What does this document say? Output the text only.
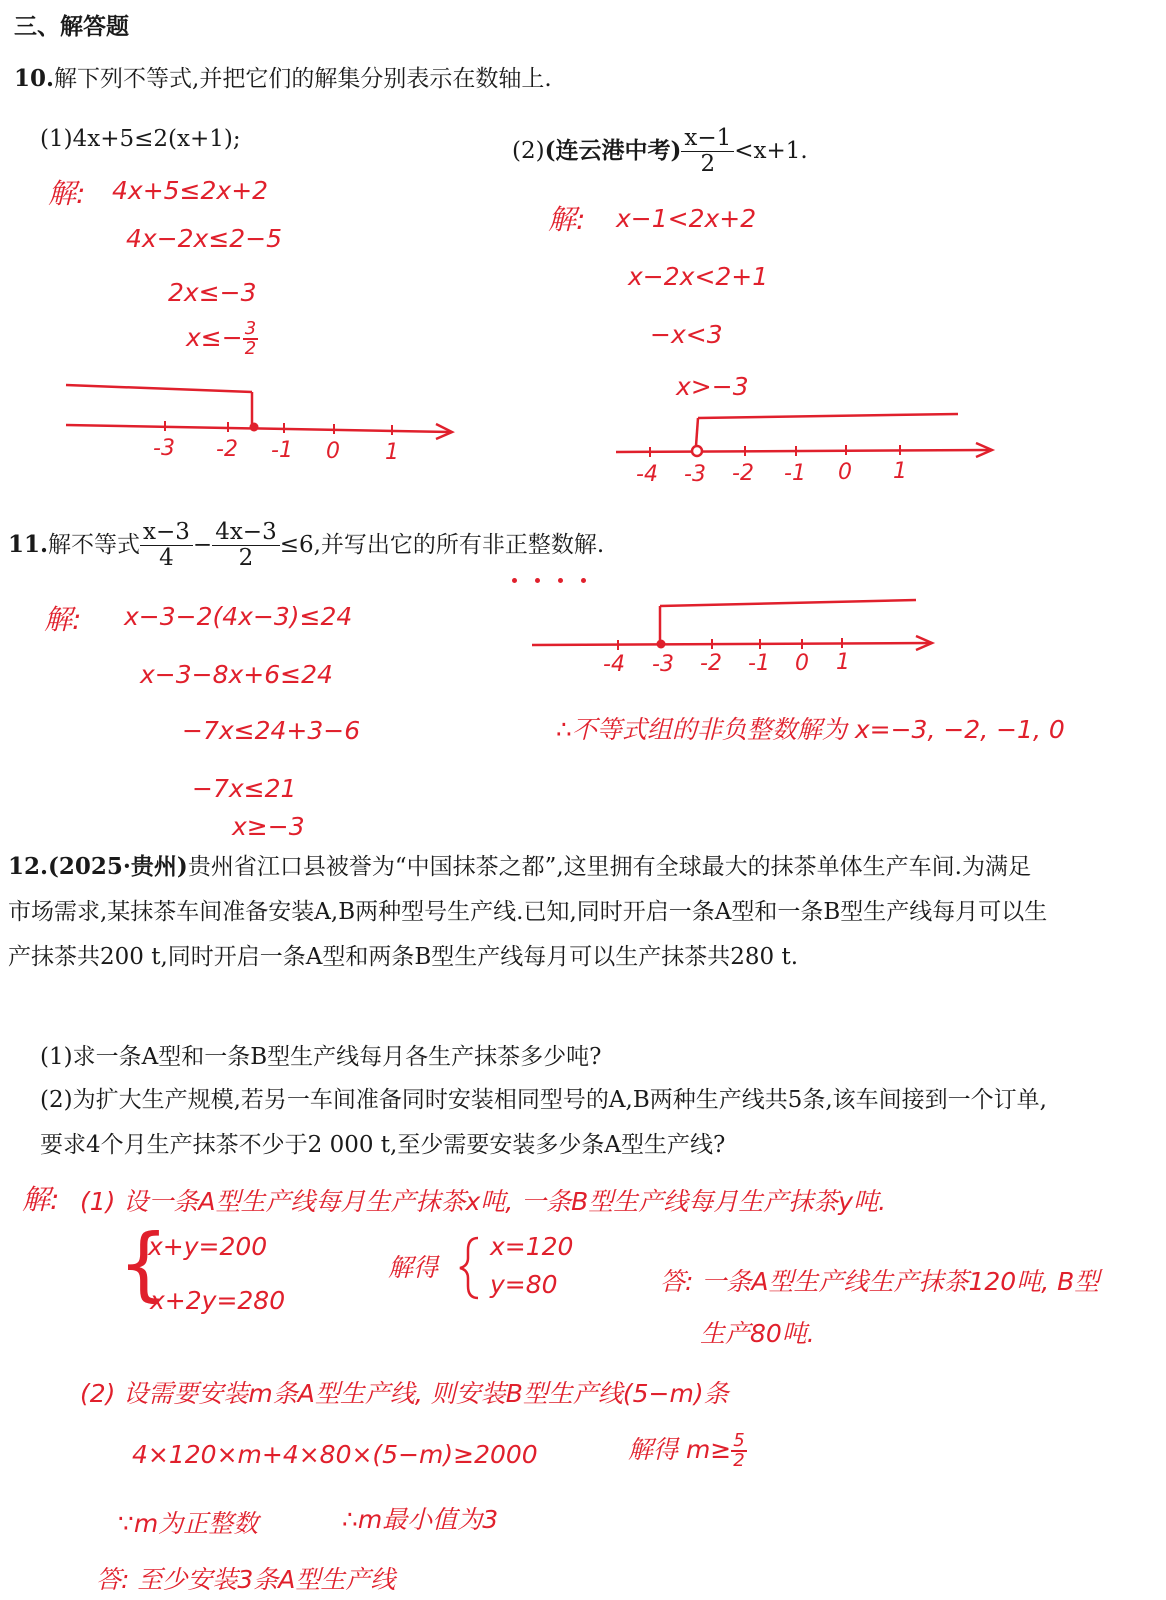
三、解答题
10.解下列不等式,并把它们的解集分别表示在数轴上.
(1)4x+5≤2(x+1);	(2)(连云港中考) $\frac{x-1}{2} <x+1$.
解: 4x+5≤2x+2
4x−2x≤2−5
2x≤−3
$x\le- \frac{3}{2}$
解: x−1<2x+2
x−2x<2+1
−x<3
x>−3
-3 -2 -1 0 1
-4 -3 -2 -1 0 1
-4 -3 -2 -1 0 1
11.解不等式 $\frac{x-3}{4} - \frac{4x-3}{2} \le 6$,并写出它的所有非正整数解.
解: x−3−2(4x−3)≤24
x−3−8x+6≤24
−7x≤24+3−6
−7x≤21
x≥−3
∴不等式组的非负整数解为 x=−3, −2, −1, 0
12.(2025·贵州)贵州省江口县被誉为“中国抹茶之都”,这里拥有全球最大的抹茶单体生产车间.为满足市场需求,某抹茶车间准备安装A,B两种型号生产线.已知,同时开启一条A型和一条B型生产线每月可以生产抹茶共200 t,同时开启一条A型和两条B型生产线每月可以生产抹茶共280 t.
(1)求一条A型和一条B型生产线每月各生产抹茶多少吨?
(2)为扩大生产规模,若另一车间准备同时安装相同型号的A,B两种生产线共5条,该车间接到一个订单,要求4个月生产抹茶不少于2 000 t,至少需要安装多少条A型生产线?
解: (1) 设一条A型生产线每月生产抹茶x吨, 一条B型生产线每月生产抹茶y吨.
{
x+y=200
x+2y=280
解得
x=120
y=80	答: 一条A型生产线生产抹茶120吨, B型
生产80吨.
(2) 设需要安装m条A型生产线, 则安装B型生产线(5−m)条
4×120×m+4×80×(5−m)≥2000	解得 $m\ge \frac{5}{2}$
∵m为正整数	∴m最小值为3
答: 至少安装3条A型生产线
